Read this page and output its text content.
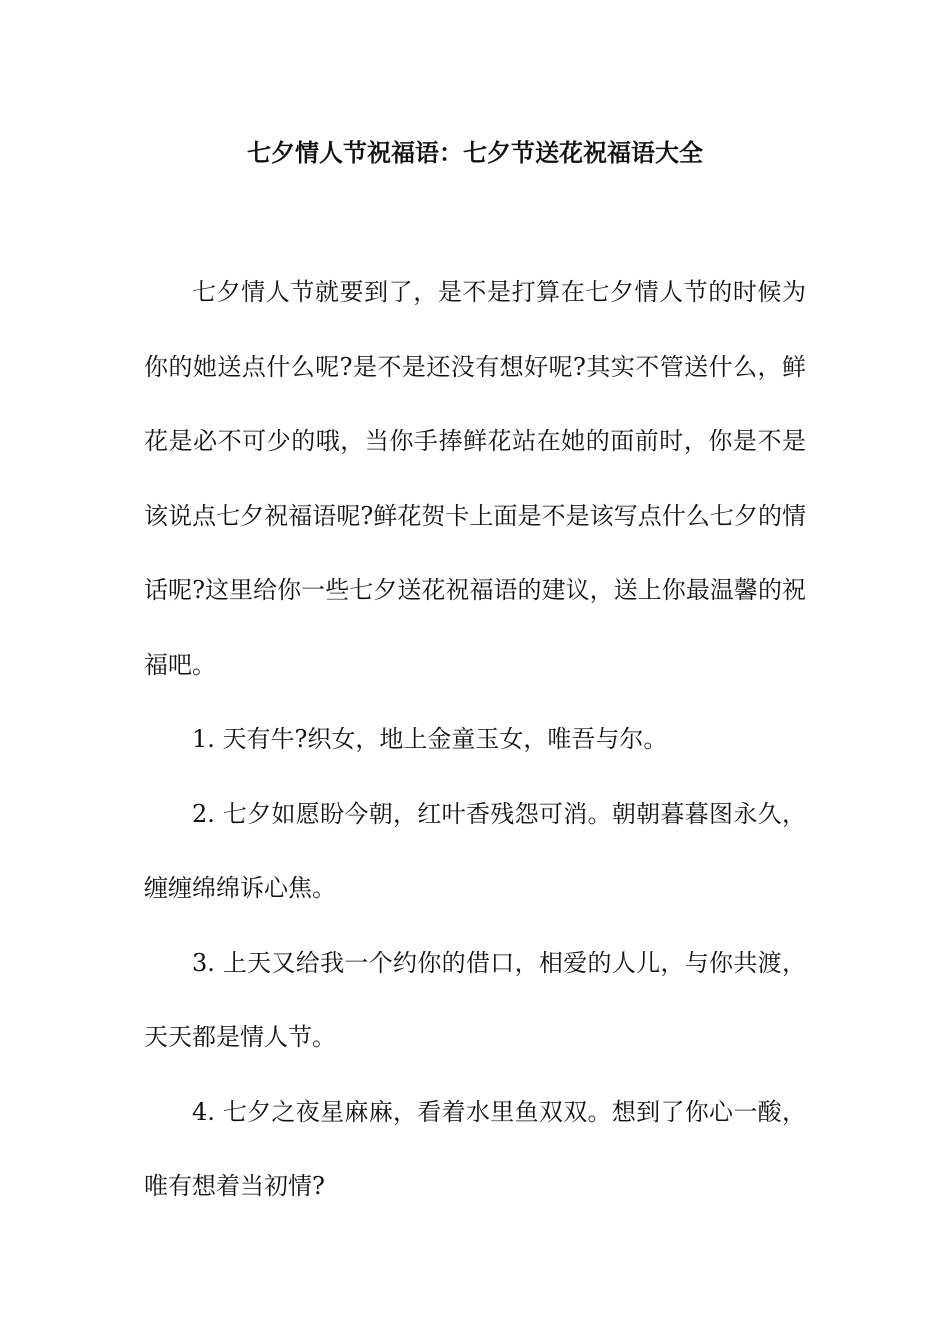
七夕情人节祝福语：七夕节送花祝福语大全

七夕情人节就要到了，是不是打算在七夕情人节的时候为你的她送点什么呢?是不是还没有想好呢?其实不管送什么，鲜花是必不可少的哦，当你手捧鲜花站在她的面前时，你是不是该说点七夕祝福语呢?鲜花贺卡上面是不是该写点什么七夕的情话呢?这里给你一些七夕送花祝福语的建议，送上你最温馨的祝福吧。

1. 天有牛?织女，地上金童玉女，唯吾与尔。

2. 七夕如愿盼今朝，红叶香残怨可消。朝朝暮暮图永久，缠缠绵绵诉心焦。

3. 上天又给我一个约你的借口，相爱的人儿，与你共渡，天天都是情人节。

4. 七夕之夜星麻麻，看着水里鱼双双。想到了你心一酸，唯有想着当初情?
